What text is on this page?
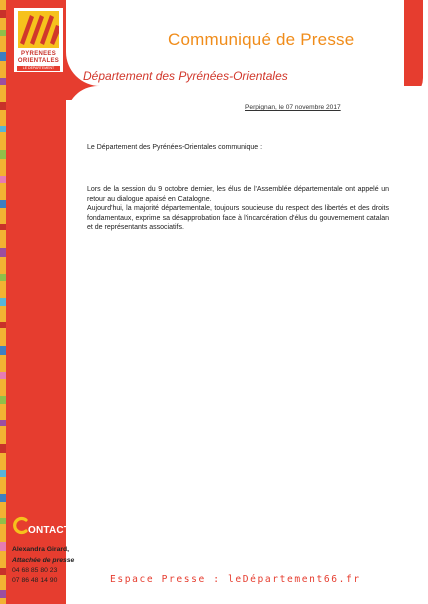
PYRENEES
ORIENTALES
LE DÉPARTEMENT
Communiqué de Presse
Département des Pyrénées-Orientales
Perpignan, le 07 novembre 2017
Le Département des Pyrénées-Orientales communique :

Lors de la session du 9 octobre dernier, les élus de l'Assemblée départementale ont appelé un retour au dialogue apaisé en Catalogne.

Aujourd'hui, la majorité départementale, toujours soucieuse du respect des libertés et des droits fondamentaux, exprime sa désapprobation face à l'incarcération d'élus du gouvernement catalan et de représentants associatifs.

ONTACT
Alexandra Girard,
Attachée de presse
04 68 85 80 23
07 86 48 14 90	Espace Presse : leDépartement66.fr
